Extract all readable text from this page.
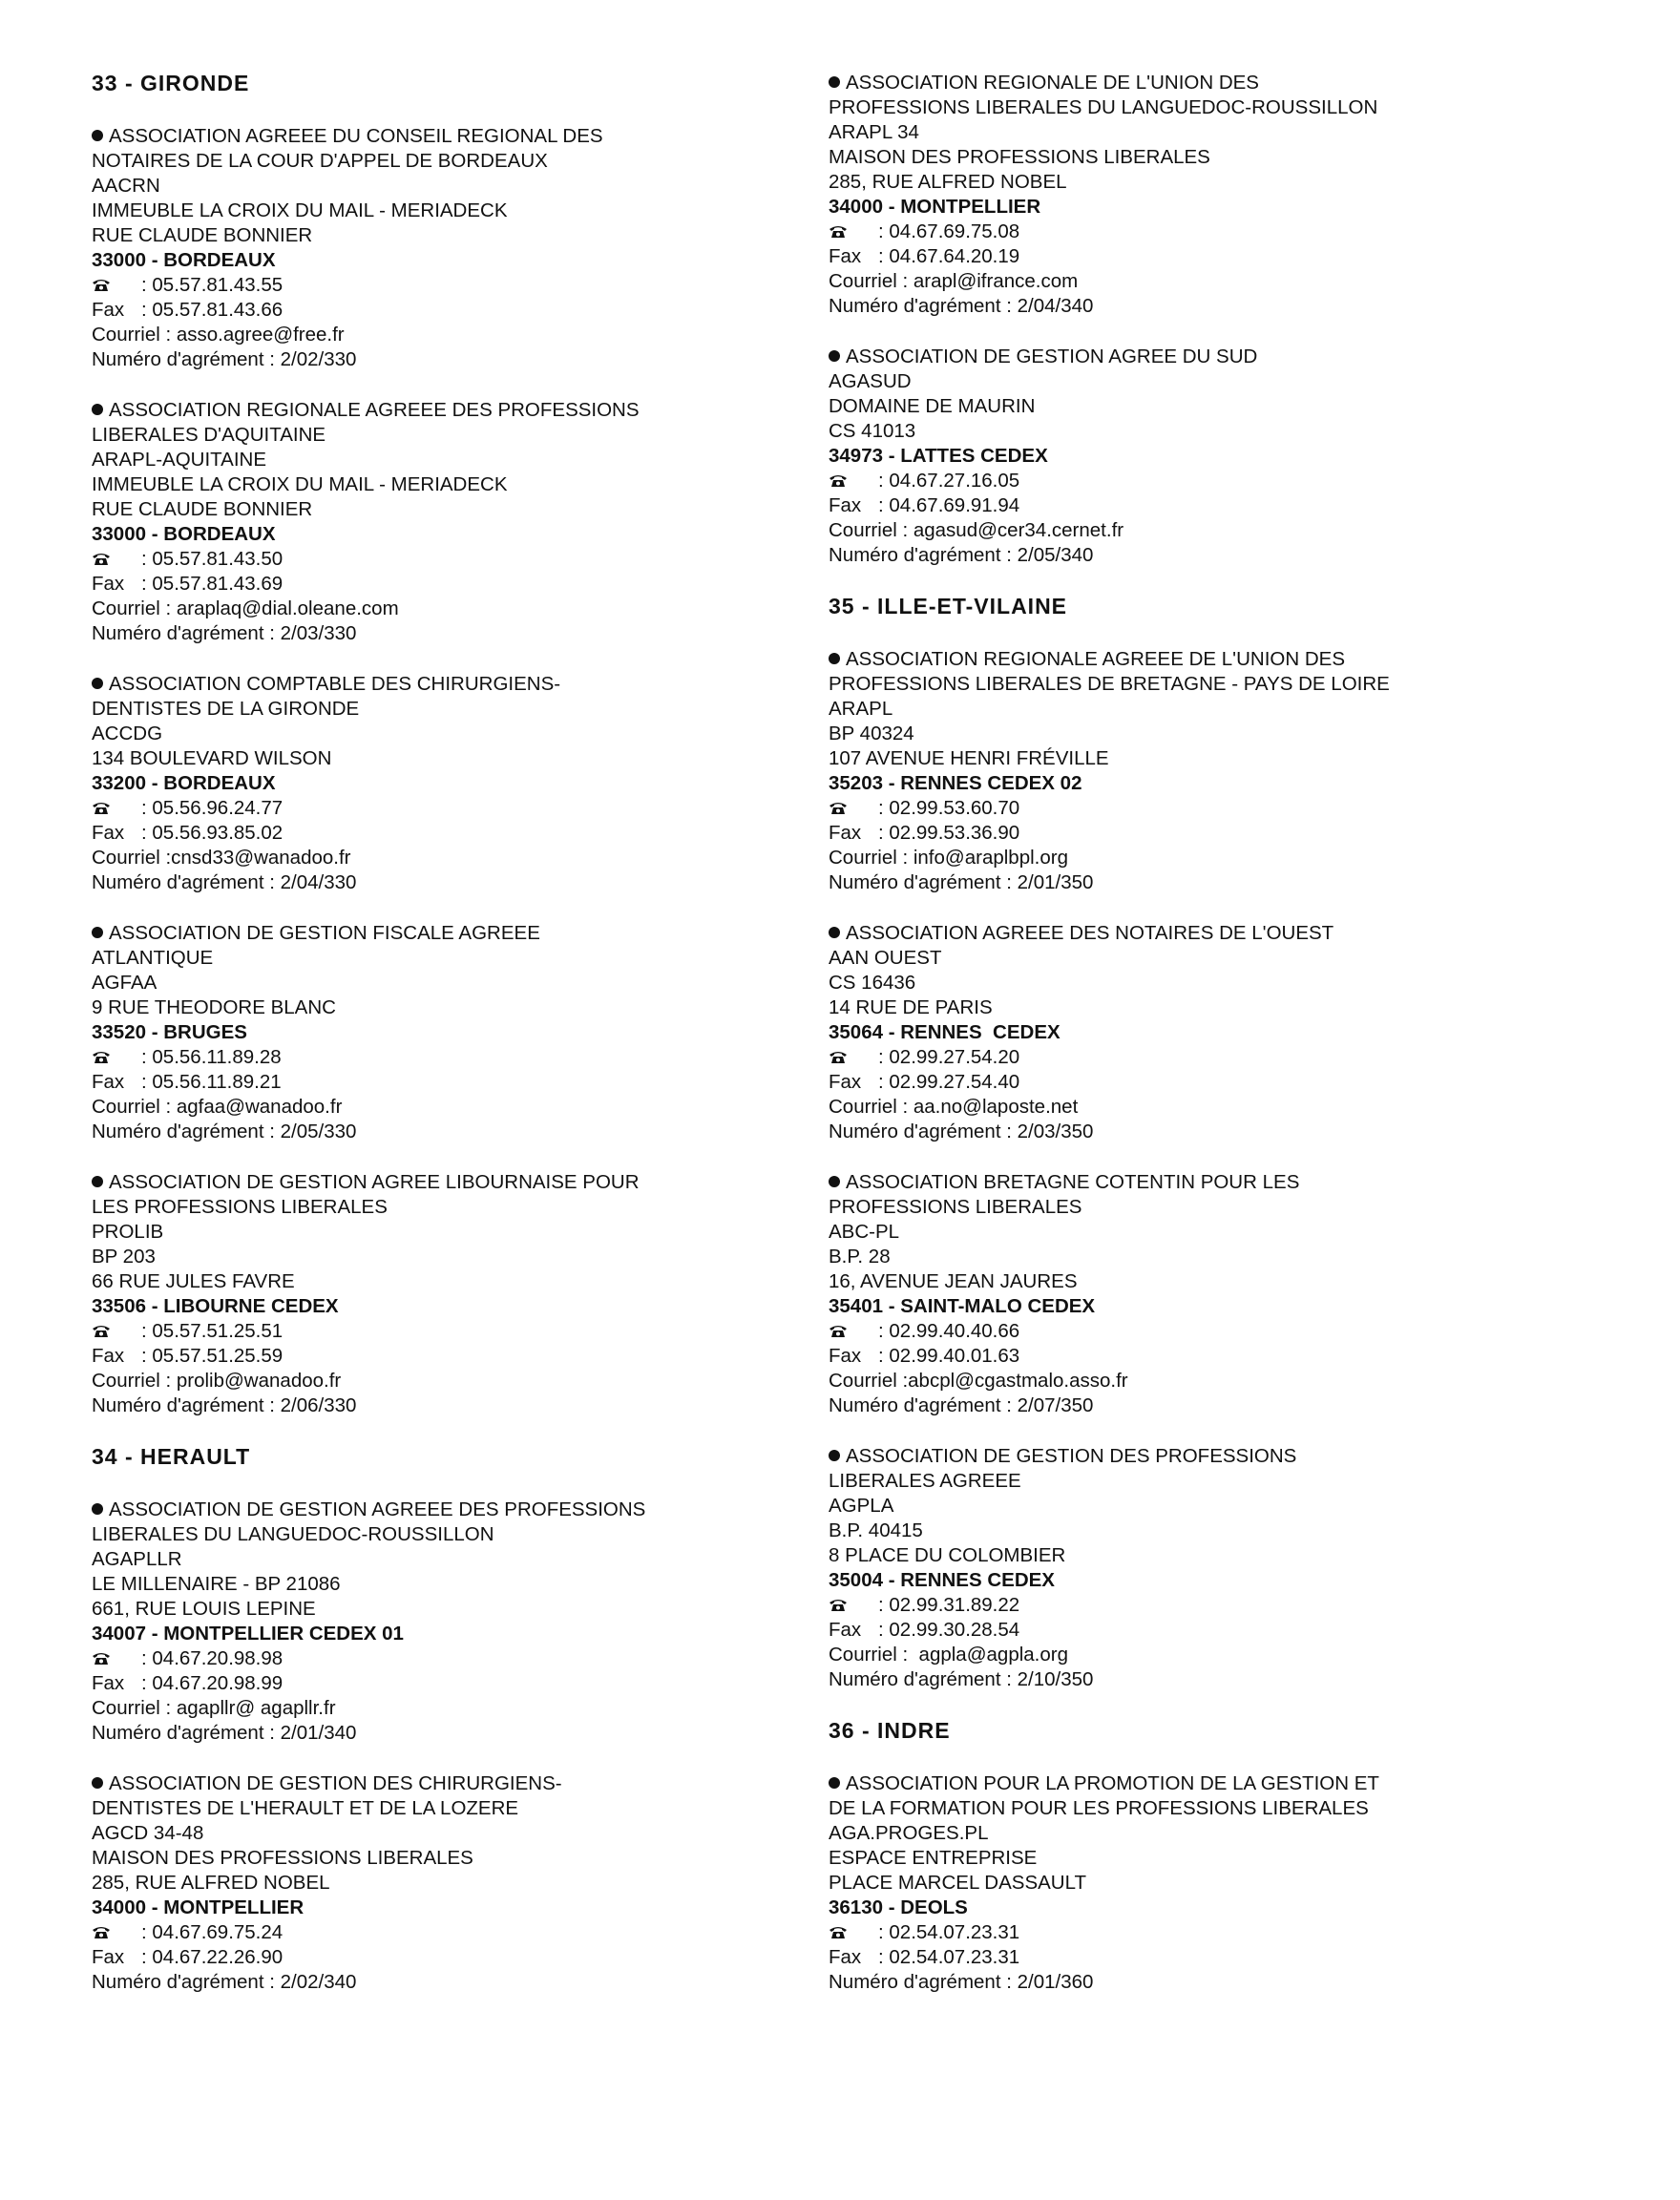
33 - GIRONDE
ASSOCIATION AGREEE DU CONSEIL REGIONAL DES
NOTAIRES DE LA COUR D'APPEL DE BORDEAUX
AACRN
IMMEUBLE LA CROIX DU MAIL - MERIADECK
RUE CLAUDE BONNIER
33000 - BORDEAUX
: 05.57.81.43.55
Fax : 05.57.81.43.66
Courriel : asso.agree@free.fr
Numéro d'agrément : 2/02/330
ASSOCIATION REGIONALE AGREEE DES PROFESSIONS
LIBERALES D'AQUITAINE
ARAPL-AQUITAINE
IMMEUBLE LA CROIX DU MAIL - MERIADECK
RUE CLAUDE BONNIER
33000 - BORDEAUX
: 05.57.81.43.50
Fax : 05.57.81.43.69
Courriel : araplaq@dial.oleane.com
Numéro d'agrément : 2/03/330
ASSOCIATION COMPTABLE DES CHIRURGIENS-
DENTISTES DE LA GIRONDE
ACCDG
134 BOULEVARD WILSON
33200 - BORDEAUX
: 05.56.96.24.77
Fax : 05.56.93.85.02
Courriel :cnsd33@wanadoo.fr
Numéro d'agrément : 2/04/330
ASSOCIATION DE GESTION FISCALE AGREEE
ATLANTIQUE
AGFAA
9 RUE THEODORE BLANC
33520 - BRUGES
: 05.56.11.89.28
Fax : 05.56.11.89.21
Courriel : agfaa@wanadoo.fr
Numéro d'agrément : 2/05/330
ASSOCIATION DE GESTION AGREE LIBOURNAISE POUR
LES PROFESSIONS LIBERALES
PROLIB
BP 203
66 RUE JULES FAVRE
33506 - LIBOURNE CEDEX
: 05.57.51.25.51
Fax : 05.57.51.25.59
Courriel : prolib@wanadoo.fr
Numéro d'agrément : 2/06/330
34 - HERAULT
ASSOCIATION DE GESTION AGREEE DES PROFESSIONS
LIBERALES DU LANGUEDOC-ROUSSILLON
AGAPLLR
LE MILLENAIRE - BP 21086
661, RUE LOUIS LEPINE
34007 - MONTPELLIER CEDEX 01
: 04.67.20.98.98
Fax : 04.67.20.98.99
Courriel : agapllr@ agapllr.fr
Numéro d'agrément : 2/01/340
ASSOCIATION DE GESTION DES CHIRURGIENS-
DENTISTES DE L'HERAULT ET DE LA LOZERE
AGCD 34-48
MAISON DES PROFESSIONS LIBERALES
285, RUE ALFRED NOBEL
34000 - MONTPELLIER
: 04.67.69.75.24
Fax : 04.67.22.26.90
Numéro d'agrément : 2/02/340
ASSOCIATION REGIONALE DE L'UNION DES
PROFESSIONS LIBERALES DU LANGUEDOC-ROUSSILLON
ARAPL 34
MAISON DES PROFESSIONS LIBERALES
285, RUE ALFRED NOBEL
34000 - MONTPELLIER
: 04.67.69.75.08
Fax : 04.67.64.20.19
Courriel : arapl@ifrance.com
Numéro d'agrément : 2/04/340
ASSOCIATION DE GESTION AGREE DU SUD
AGASUD
DOMAINE DE MAURIN
CS 41013
34973 - LATTES CEDEX
: 04.67.27.16.05
Fax : 04.67.69.91.94
Courriel : agasud@cer34.cernet.fr
Numéro d'agrément : 2/05/340
35 - ILLE-ET-VILAINE
ASSOCIATION REGIONALE AGREEE DE L'UNION DES
PROFESSIONS LIBERALES DE BRETAGNE - PAYS DE LOIRE
ARAPL
BP 40324
107 AVENUE HENRI FRÉVILLE
35203 - RENNES CEDEX 02
: 02.99.53.60.70
Fax : 02.99.53.36.90
Courriel : info@araplbpl.org
Numéro d'agrément : 2/01/350
ASSOCIATION AGREEE DES NOTAIRES DE L'OUEST
AAN OUEST
CS 16436
14 RUE DE PARIS
35064 - RENNES  CEDEX
: 02.99.27.54.20
Fax : 02.99.27.54.40
Courriel : aa.no@laposte.net
Numéro d'agrément : 2/03/350
ASSOCIATION BRETAGNE COTENTIN POUR LES
PROFESSIONS LIBERALES
ABC-PL
B.P. 28
16, AVENUE JEAN JAURES
35401 - SAINT-MALO CEDEX
: 02.99.40.40.66
Fax : 02.99.40.01.63
Courriel :abcpl@cgastmalo.asso.fr
Numéro d'agrément : 2/07/350
ASSOCIATION DE GESTION DES PROFESSIONS
LIBERALES AGREEE
AGPLA
B.P. 40415
8 PLACE DU COLOMBIER
35004 - RENNES CEDEX
: 02.99.31.89.22
Fax : 02.99.30.28.54
Courriel :  agpla@agpla.org
Numéro d'agrément : 2/10/350
36 - INDRE
ASSOCIATION POUR LA PROMOTION DE LA GESTION ET
DE LA FORMATION POUR LES PROFESSIONS LIBERALES
AGA.PROGES.PL
ESPACE ENTREPRISE
PLACE MARCEL DASSAULT
36130 - DEOLS
: 02.54.07.23.31
Fax : 02.54.07.23.31
Numéro d'agrément : 2/01/360
